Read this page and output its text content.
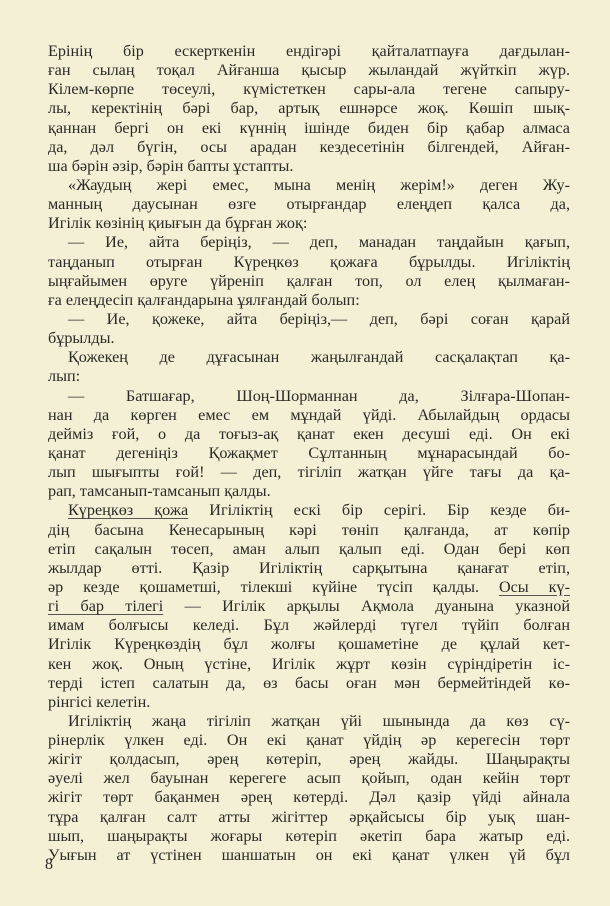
Ерінің бір ескерткенін ендігәрі қайталатпауға дағдылан-
ған сылаң тоқал Айғанша қысыр жыландай жүйткіп жүр.
Кілем-көрпе төсеулі, күмістеткен сары-ала тегене сапыру-
лы, керектінің бәрі бар, артық ешнәрсе жоқ. Көшіп шық-
қаннан бергі он екі күннің ішінде биден бір қабар алмаса
да, дәл бүгін, осы арадан кездесетінін білгендей, Айған-
ша бәрін әзір, бәрін бапты ұстапты.
«Жаудың жері емес, мына менің жерім!» деген Жу-
манның даусынан өзге отырғандар елеңдеп қалса да,
Игілік көзінің қиығын да бұрған жоқ:
— Ие, айта беріңіз, — деп, манадан таңдайын қағып,
таңданып отырған Күреңкөз қожаға бұрылды. Игіліктің
ыңғайымен өруге үйреніп қалған топ, ол елең қылмаған-
ға елеңдесіп қалғандарына ұялғандай болып:
— Ие, қожеке, айта беріңіз,— деп, бәрі соған қарай
бұрылды.
Қожекең де дұғасынан жаңылғандай сасқалақтап қа-
лып:
— Батшағар, Шоң-Шорманнан да, Зілғара-Шопан-
нан да көрген емес ем мұндай үйді. Абылайдың ордасы
дейміз ғой, о да тоғыз-ақ қанат екен десуші еді. Он екі
қанат дегеніңіз Қожақмет Сұлтанның мұнарасындай бо-
лып шығыпты ғой! — деп, тігіліп жатқан үйге тағы да қа-
рап, тамсанып-тамсанып қалды.
Күреңкөз қожа Игіліктің ескі бір серігі. Бір кезде би-
дің басына Кенесарының кәрі төніп қалғанда, ат көпір
етіп сақалын төсеп, аман алып қалып еді. Одан бері көп
жылдар өтті. Қазір Игіліктің сарқытына қанағат етіп,
әр кезде қошаметші, тілекші күйіне түсіп қалды. Осы кү-
гі бар тілегі — Игілік арқылы Ақмола дуанына указной
имам болғысы келеді. Бұл жәйлерді түгел түйіп болған
Игілік Күреңкөздің бұл жолғы қошаметіне де құлай кет-
кен жоқ. Оның үстіне, Игілік жұрт көзін сүріндіретін іс-
терді істеп салатын да, өз басы оған мән бермейтіндей кө-
рінгісі келетін.
Игіліктің жаңа тігіліп жатқан үйі шынында да көз сү-
рінерлік үлкен еді. Он екі қанат үйдің әр керегесін төрт
жігіт қолдасып, әрең көтеріп, әрең жайды. Шаңырақты
әуелі жел бауынан керегеге асып қойып, одан кейін төрт
жігіт төрт бақанмен әрең көтерді. Дәл қазір үйді айнала
тұра қалған салт атты жігіттер әрқайсысы бір уық шан-
шып, шаңырақты жоғары көтеріп әкетіп бара жатыр еді.
Уығын ат үстінен шаншатын он екі қанат үлкен үй бұл
8
